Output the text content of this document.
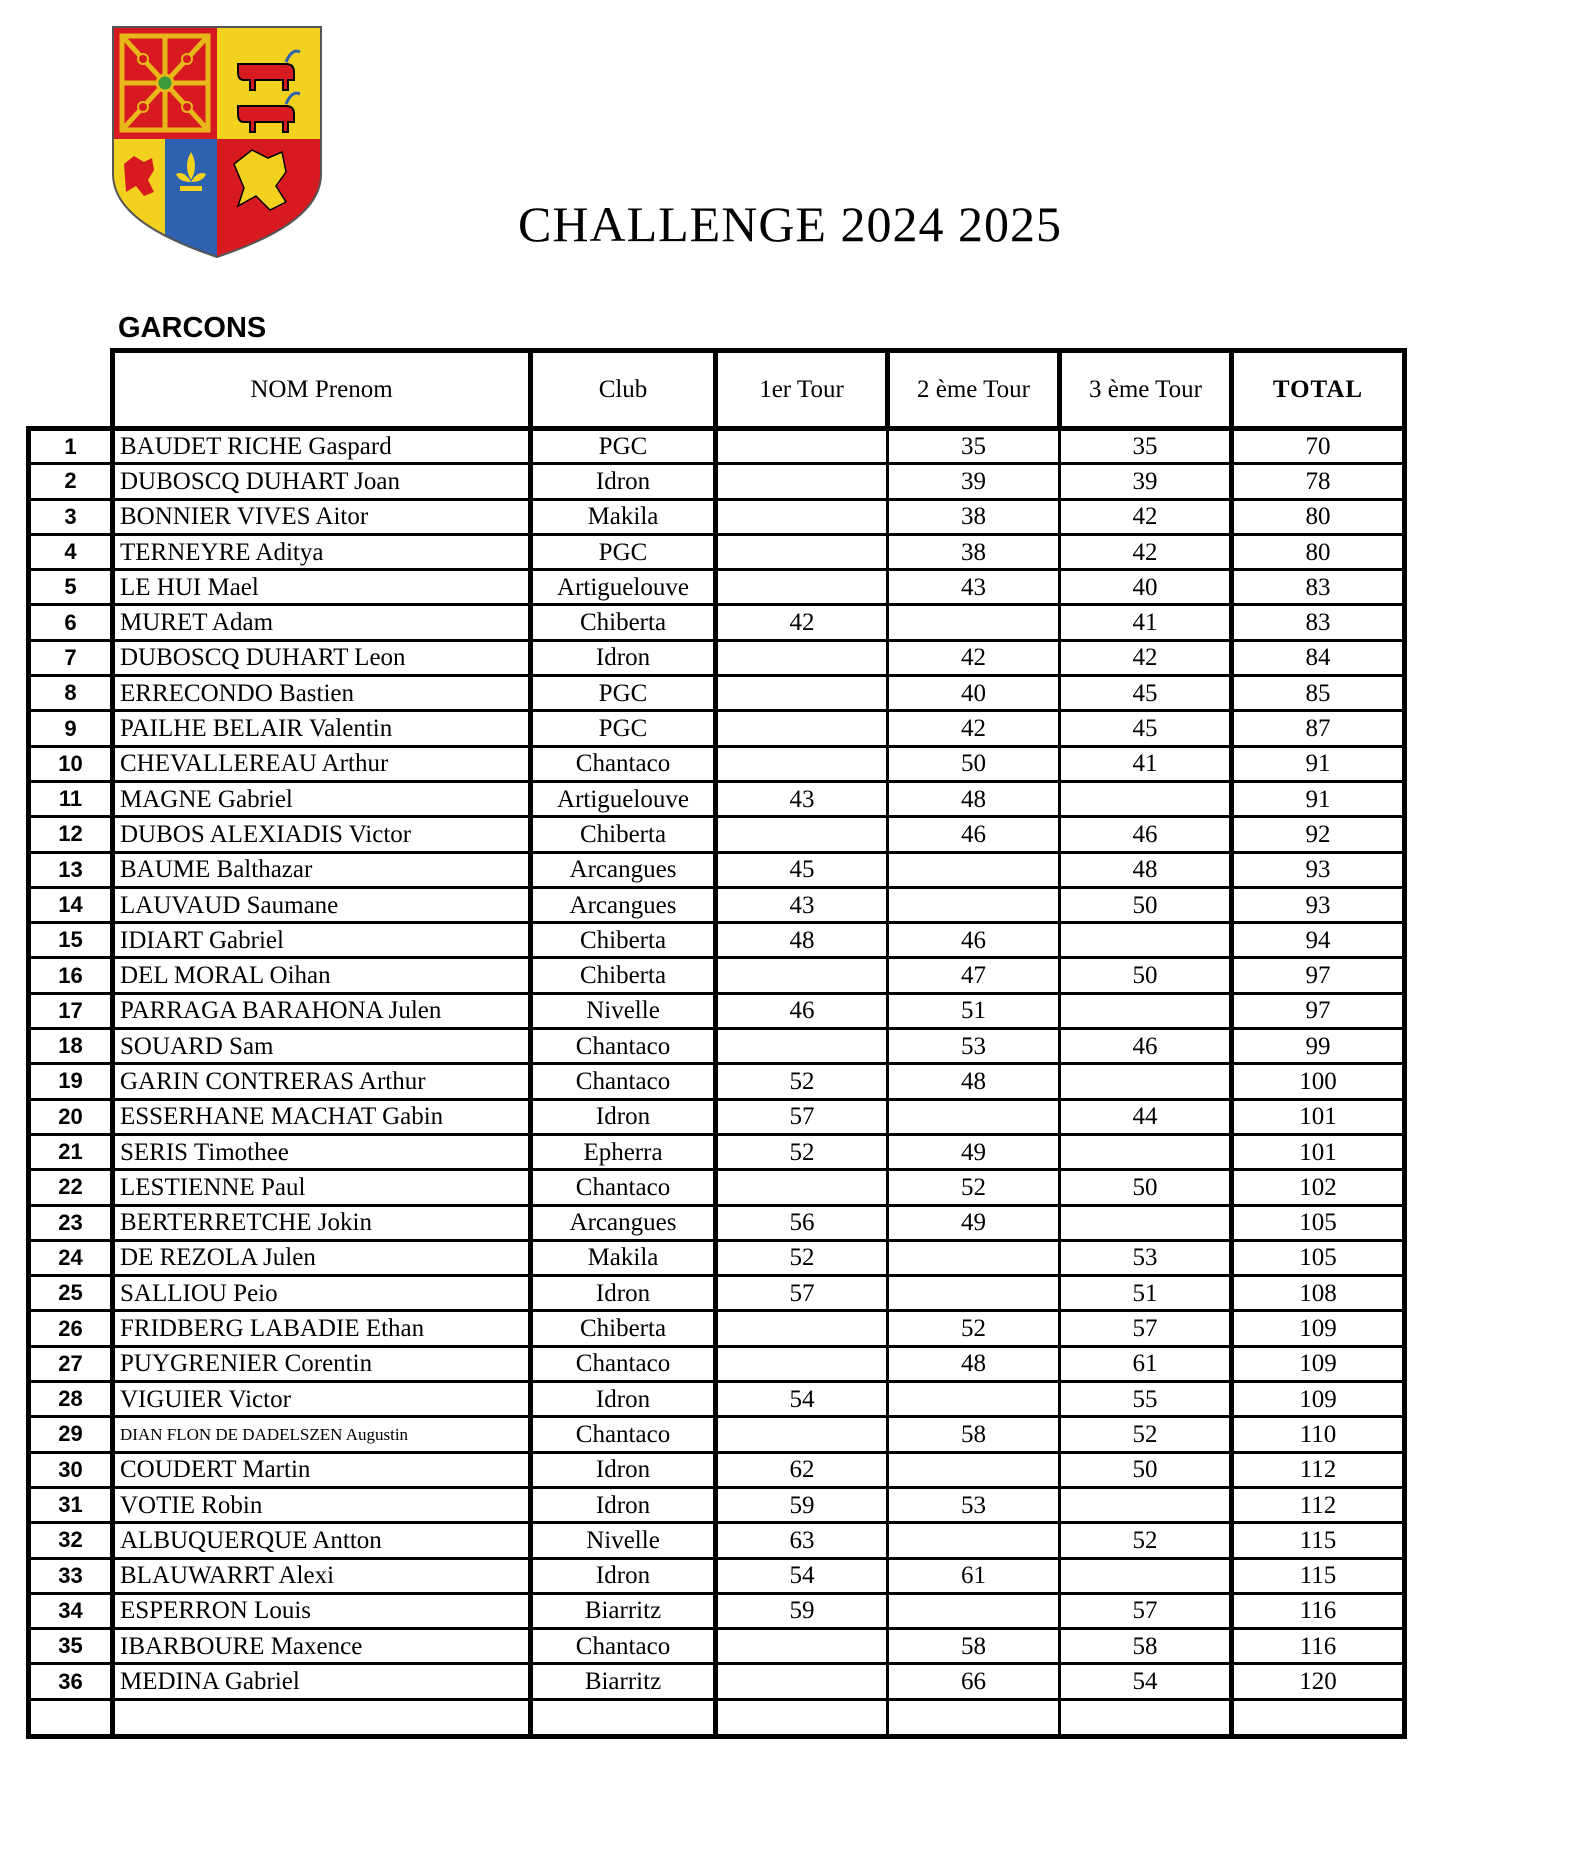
CHALLENGE 2024 2025
GARCONS
	NOM Prenom	Club	1er Tour	2 ème Tour	3 ème Tour	TOTAL
1	BAUDET RICHE Gaspard	PGC		35	35	70
2	DUBOSCQ DUHART Joan	Idron		39	39	78
3	BONNIER VIVES Aitor	Makila		38	42	80
4	TERNEYRE Aditya	PGC		38	42	80
5	LE HUI Mael	Artiguelouve		43	40	83
6	MURET Adam	Chiberta	42		41	83
7	DUBOSCQ DUHART Leon	Idron		42	42	84
8	ERRECONDO Bastien	PGC		40	45	85
9	PAILHE BELAIR Valentin	PGC		42	45	87
10	CHEVALLEREAU Arthur	Chantaco		50	41	91
11	MAGNE Gabriel	Artiguelouve	43	48		91
12	DUBOS ALEXIADIS Victor	Chiberta		46	46	92
13	BAUME Balthazar	Arcangues	45		48	93
14	LAUVAUD Saumane	Arcangues	43		50	93
15	IDIART Gabriel	Chiberta	48	46		94
16	DEL MORAL Oihan	Chiberta		47	50	97
17	PARRAGA BARAHONA Julen	Nivelle	46	51		97
18	SOUARD Sam	Chantaco		53	46	99
19	GARIN CONTRERAS Arthur	Chantaco	52	48		100
20	ESSERHANE MACHAT Gabin	Idron	57		44	101
21	SERIS Timothee	Epherra	52	49		101
22	LESTIENNE Paul	Chantaco		52	50	102
23	BERTERRETCHE Jokin	Arcangues	56	49		105
24	DE REZOLA Julen	Makila	52		53	105
25	SALLIOU Peio	Idron	57		51	108
26	FRIDBERG LABADIE Ethan	Chiberta		52	57	109
27	PUYGRENIER Corentin	Chantaco		48	61	109
28	VIGUIER Victor	Idron	54		55	109
29	DIAN FLON DE DADELSZEN Augustin	Chantaco		58	52	110
30	COUDERT Martin	Idron	62		50	112
31	VOTIE Robin	Idron	59	53		112
32	ALBUQUERQUE Antton	Nivelle	63		52	115
33	BLAUWARRT Alexi	Idron	54	61		115
34	ESPERRON Louis	Biarritz	59		57	116
35	IBARBOURE Maxence	Chantaco		58	58	116
36	MEDINA Gabriel	Biarritz		66	54	120
